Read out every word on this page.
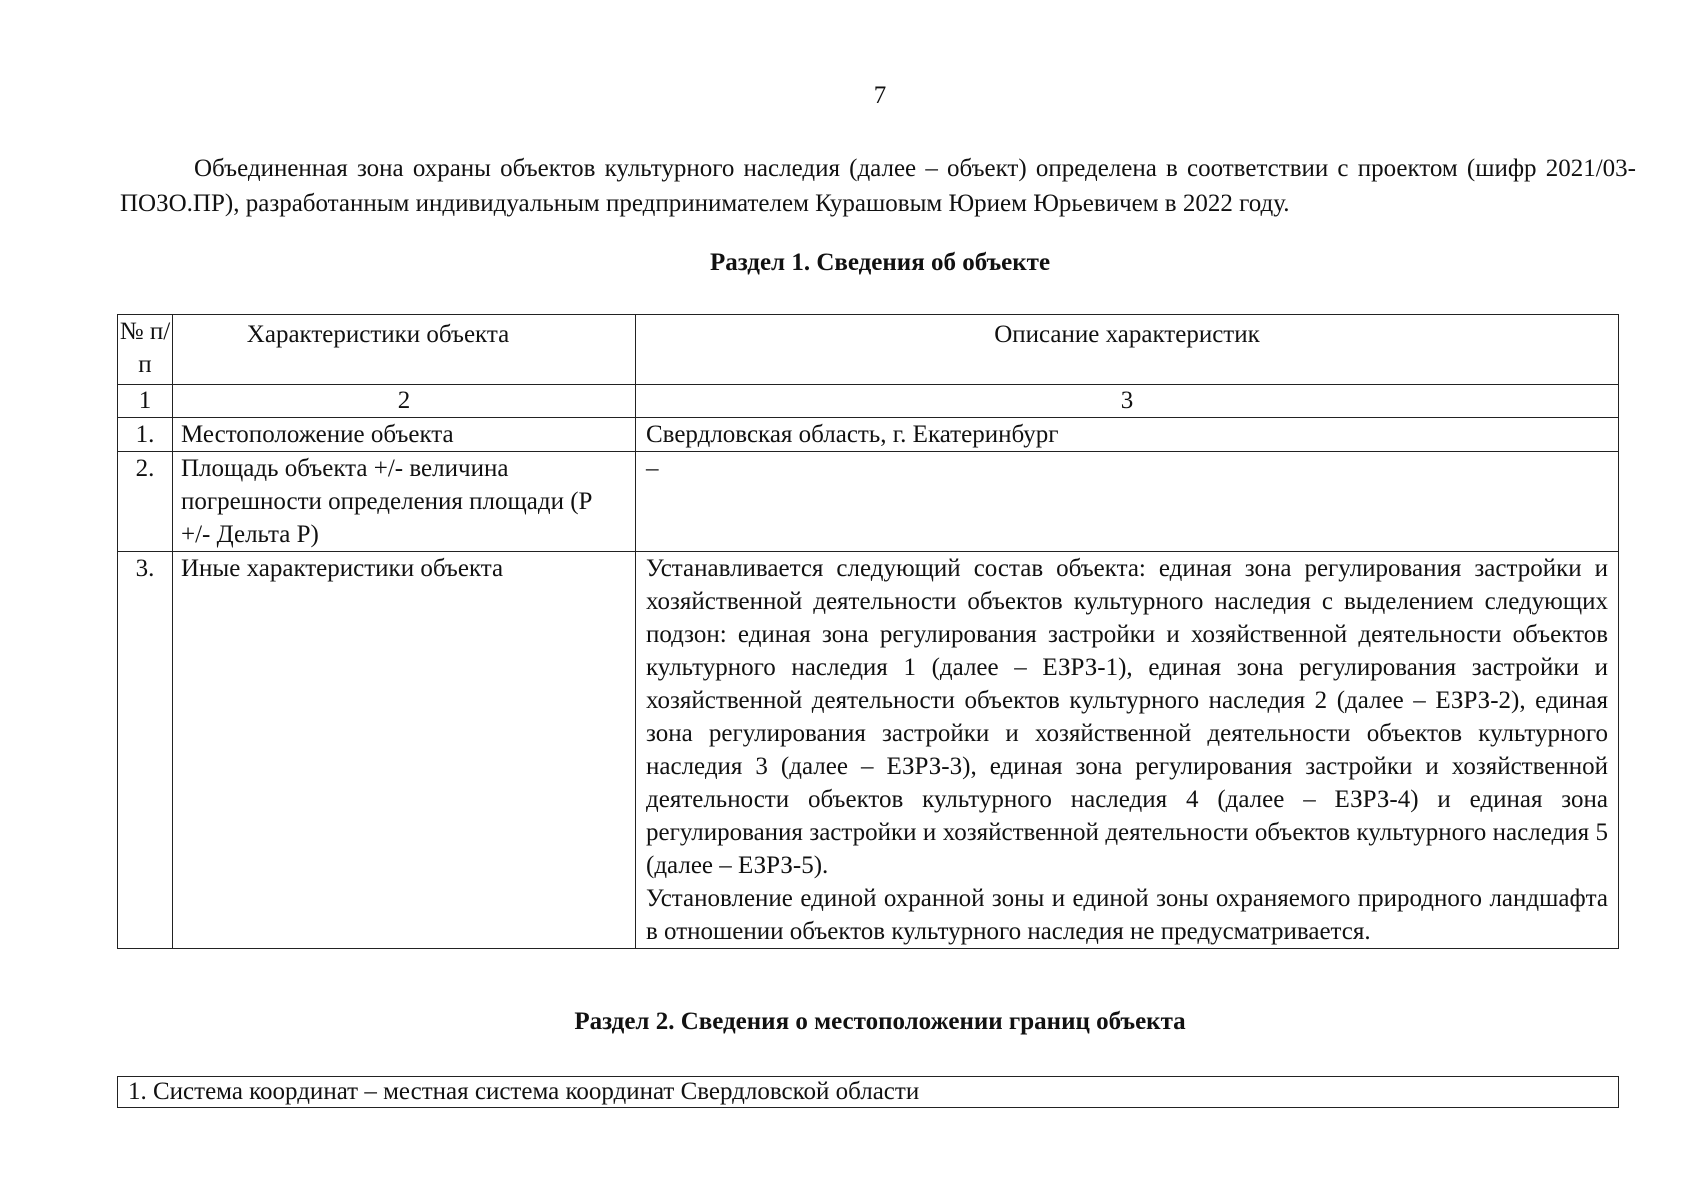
7

Объединенная зона охраны объектов культурного наследия (далее – объект) определена в соответствии с проектом (шифр 2021/03-ПОЗО.ПР), разработанным индивидуальным предпринимателем Курашовым Юрием Юрьевичем в 2022 году.

Раздел 1. Сведения об объекте
№ п/п	Характеристики объекта	Описание характеристик
1	2	3
1.	Местоположение объекта	Свердловская область, г. Екатеринбург
2.	Площадь объекта +/- величина погрешности определения площади (Р +/- Дельта Р)	–
3.	Иные характеристики объекта	Устанавливается следующий состав объекта: единая зона регулирования застройки и хозяйственной деятельности объектов культурного наследия с выделением следующих подзон: единая зона регулирования застройки и хозяйственной деятельности объектов культурного наследия 1 (далее – ЕЗРЗ-1), единая зона регулирования застройки и хозяйственной деятельности объектов культурного наследия 2 (далее – ЕЗРЗ-2), единая зона регулирования застройки и хозяйственной деятельности объектов культурного наследия 3 (далее – ЕЗРЗ-3), единая зона регулирования застройки и хозяйственной деятельности объектов культурного наследия 4 (далее – ЕЗРЗ-4) и единая зона регулирования застройки и хозяйственной деятельности объектов культурного наследия 5 (далее – ЕЗРЗ-5).
Установление единой охранной зоны и единой зоны охраняемого природного ландшафта в отношении объектов культурного наследия не предусматривается.
Раздел 2. Сведения о местоположении границ объекта
1. Система координат – местная система координат Свердловской области
